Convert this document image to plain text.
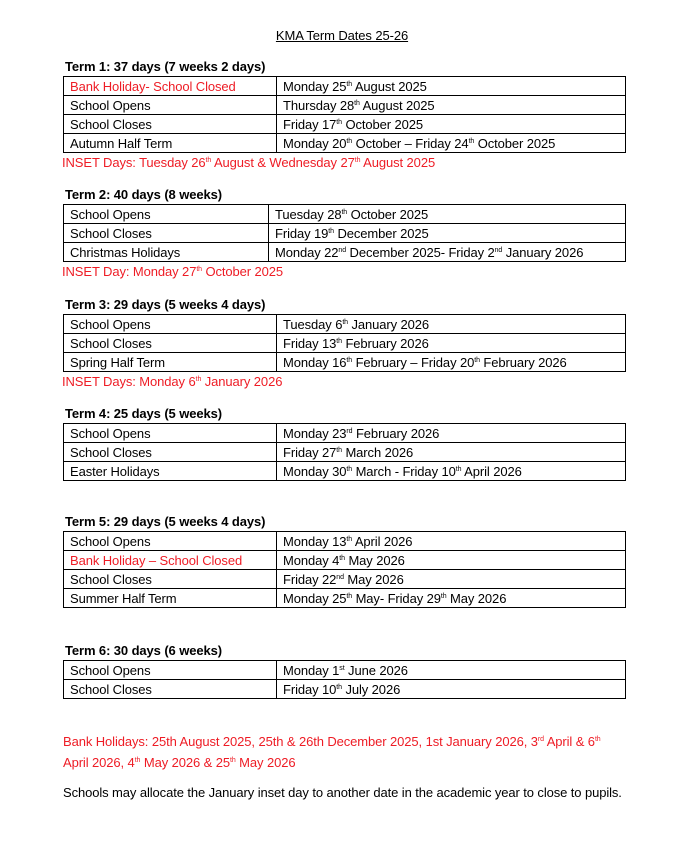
KMA Term Dates 25-26
Term 1: 37 days (7 weeks 2 days)
Bank Holiday- School Closed	Monday 25th August 2025
School Opens	Thursday 28th August 2025
School Closes	Friday 17th October 2025
Autumn Half Term	Monday 20th October – Friday 24th October 2025
INSET Days: Tuesday 26th August & Wednesday 27th August 2025
Term 2: 40 days (8 weeks)
School Opens	Tuesday 28th October 2025
School Closes	Friday 19th December 2025
Christmas Holidays	Monday 22nd December 2025- Friday 2nd January 2026
INSET Day: Monday 27th October 2025
Term 3: 29 days (5 weeks 4 days)
School Opens	Tuesday 6th January 2026
School Closes	Friday 13th February 2026
Spring Half Term	Monday 16th February – Friday 20th February 2026
INSET Days: Monday 6th January 2026
Term 4: 25 days (5 weeks)
School Opens	Monday 23rd February 2026
School Closes	Friday 27th March 2026
Easter Holidays	Monday 30th March - Friday 10th April 2026
Term 5: 29 days (5 weeks 4 days)
School Opens	Monday 13th April 2026
Bank Holiday – School Closed	Monday 4th May 2026
School Closes	Friday 22nd May 2026
Summer Half Term	Monday 25th May- Friday 29th May 2026
Term 6: 30 days (6 weeks)
School Opens	Monday 1st June 2026
School Closes	Friday 10th July 2026
Bank Holidays: 25th August 2025, 25th & 26th December 2025, 1st January 2026, 3rd April & 6th April 2026, 4th May 2026 & 25th May 2026
Schools may allocate the January inset day to another date in the academic year to close to pupils.
